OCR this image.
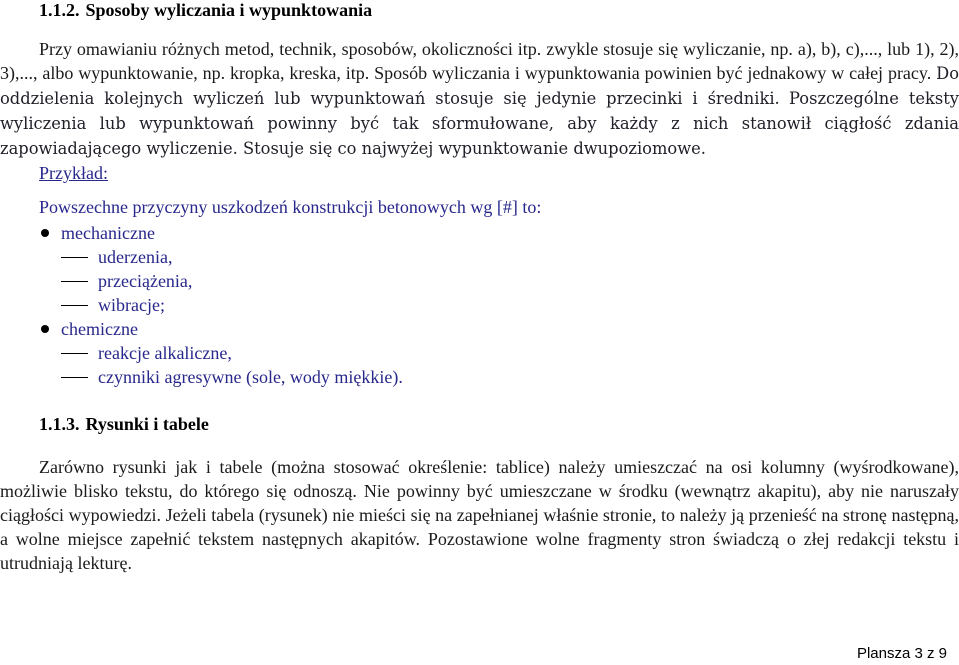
1.1.2. Sposoby wyliczania i wypunktowania

Przy omawianiu różnych metod, technik, sposobów, okoliczności itp. zwykle stosuje się wyliczanie, np. a), b), c),..., lub 1), 2), 3),..., albo wypunktowanie, np. kropka, kreska, itp. Sposób wyliczania i wypunktowania powinien być jednakowy w całej pracy. Do oddzielenia kolejnych wyliczeń lub wypunktowań stosuje się jedynie przecinki i średniki. Poszczególne teksty wyliczenia lub wypunktowań powinny być tak sformułowane, aby każdy z nich stanowił ciągłość zdania zapowiadającego wyliczenie. Stosuje się co najwyżej wypunktowanie dwupoziomowe.

Przykład:
Powszechne przyczyny uszkodzeń konstrukcji betonowych wg [#] to:
mechaniczne
uderzenia,
przeciążenia,
wibracje;
chemiczne
reakcje alkaliczne,
czynniki agresywne (sole, wody miękkie).
1.1.3. Rysunki i tabele

Zarówno rysunki jak i tabele (można stosować określenie: tablice) należy umieszczać na osi kolumny (wyśrodkowane), możliwie blisko tekstu, do którego się odnoszą. Nie powinny być umieszczane w środku (wewnątrz akapitu), aby nie naruszały ciągłości wypowiedzi. Jeżeli tabela (rysunek) nie mieści się na zapełnianej właśnie stronie, to należy ją przenieść na stronę następną, a wolne miejsce zapełnić tekstem następnych akapitów. Pozostawione wolne fragmenty stron świadczą o złej redakcji tekstu i utrudniają lekturę.

Plansza 3 z 9
